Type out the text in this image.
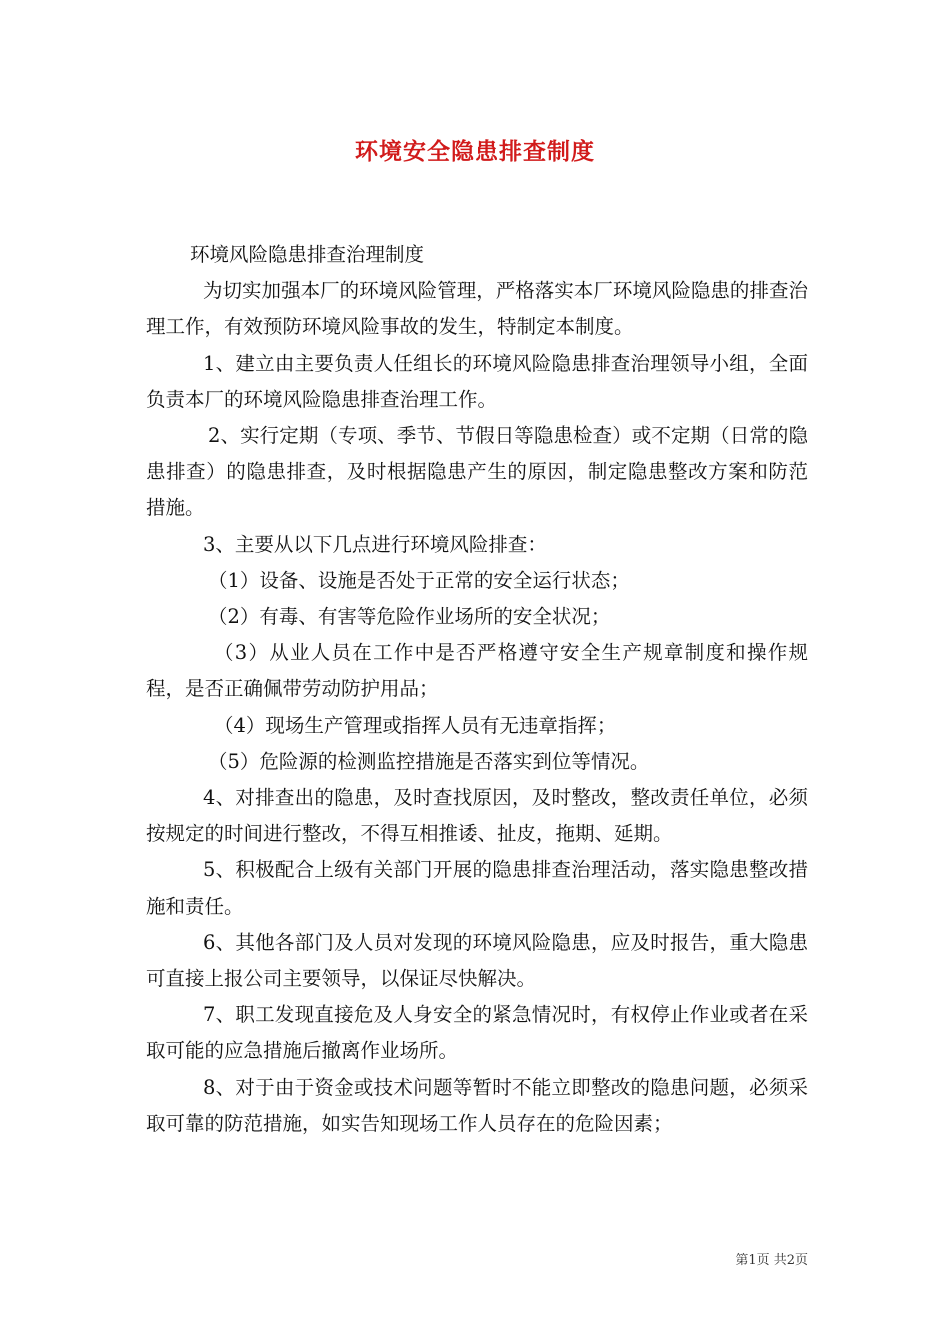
环境安全隐患排查制度

环境风险隐患排查治理制度

为切实加强本厂的环境风险管理，严格落实本厂环境风险隐患的排查治理工作，有效预防环境风险事故的发生，特制定本制度。

1、建立由主要负责人任组长的环境风险隐患排查治理领导小组，全面负责本厂的环境风险隐患排查治理工作。

2、实行定期（专项、季节、节假日等隐患检查）或不定期（日常的隐患排查）的隐患排查，及时根据隐患产生的原因，制定隐患整改方案和防范措施。

3、主要从以下几点进行环境风险排查：

（1）设备、设施是否处于正常的安全运行状态；

（2）有毒、有害等危险作业场所的安全状况；

（3）从业人员在工作中是否严格遵守安全生产规章制度和操作规程，是否正确佩带劳动防护用品；

（4）现场生产管理或指挥人员有无违章指挥；

（5）危险源的检测监控措施是否落实到位等情况。

4、对排查出的隐患，及时查找原因，及时整改，整改责任单位，必须按规定的时间进行整改，不得互相推诿、扯皮，拖期、延期。

5、积极配合上级有关部门开展的隐患排查治理活动，落实隐患整改措施和责任。

6、其他各部门及人员对发现的环境风险隐患，应及时报告，重大隐患可直接上报公司主要领导，以保证尽快解决。

7、职工发现直接危及人身安全的紧急情况时，有权停止作业或者在采取可能的应急措施后撤离作业场所。

8、对于由于资金或技术问题等暂时不能立即整改的隐患问题，必须采取可靠的防范措施，如实告知现场工作人员存在的危险因素；

第1页 共2页
